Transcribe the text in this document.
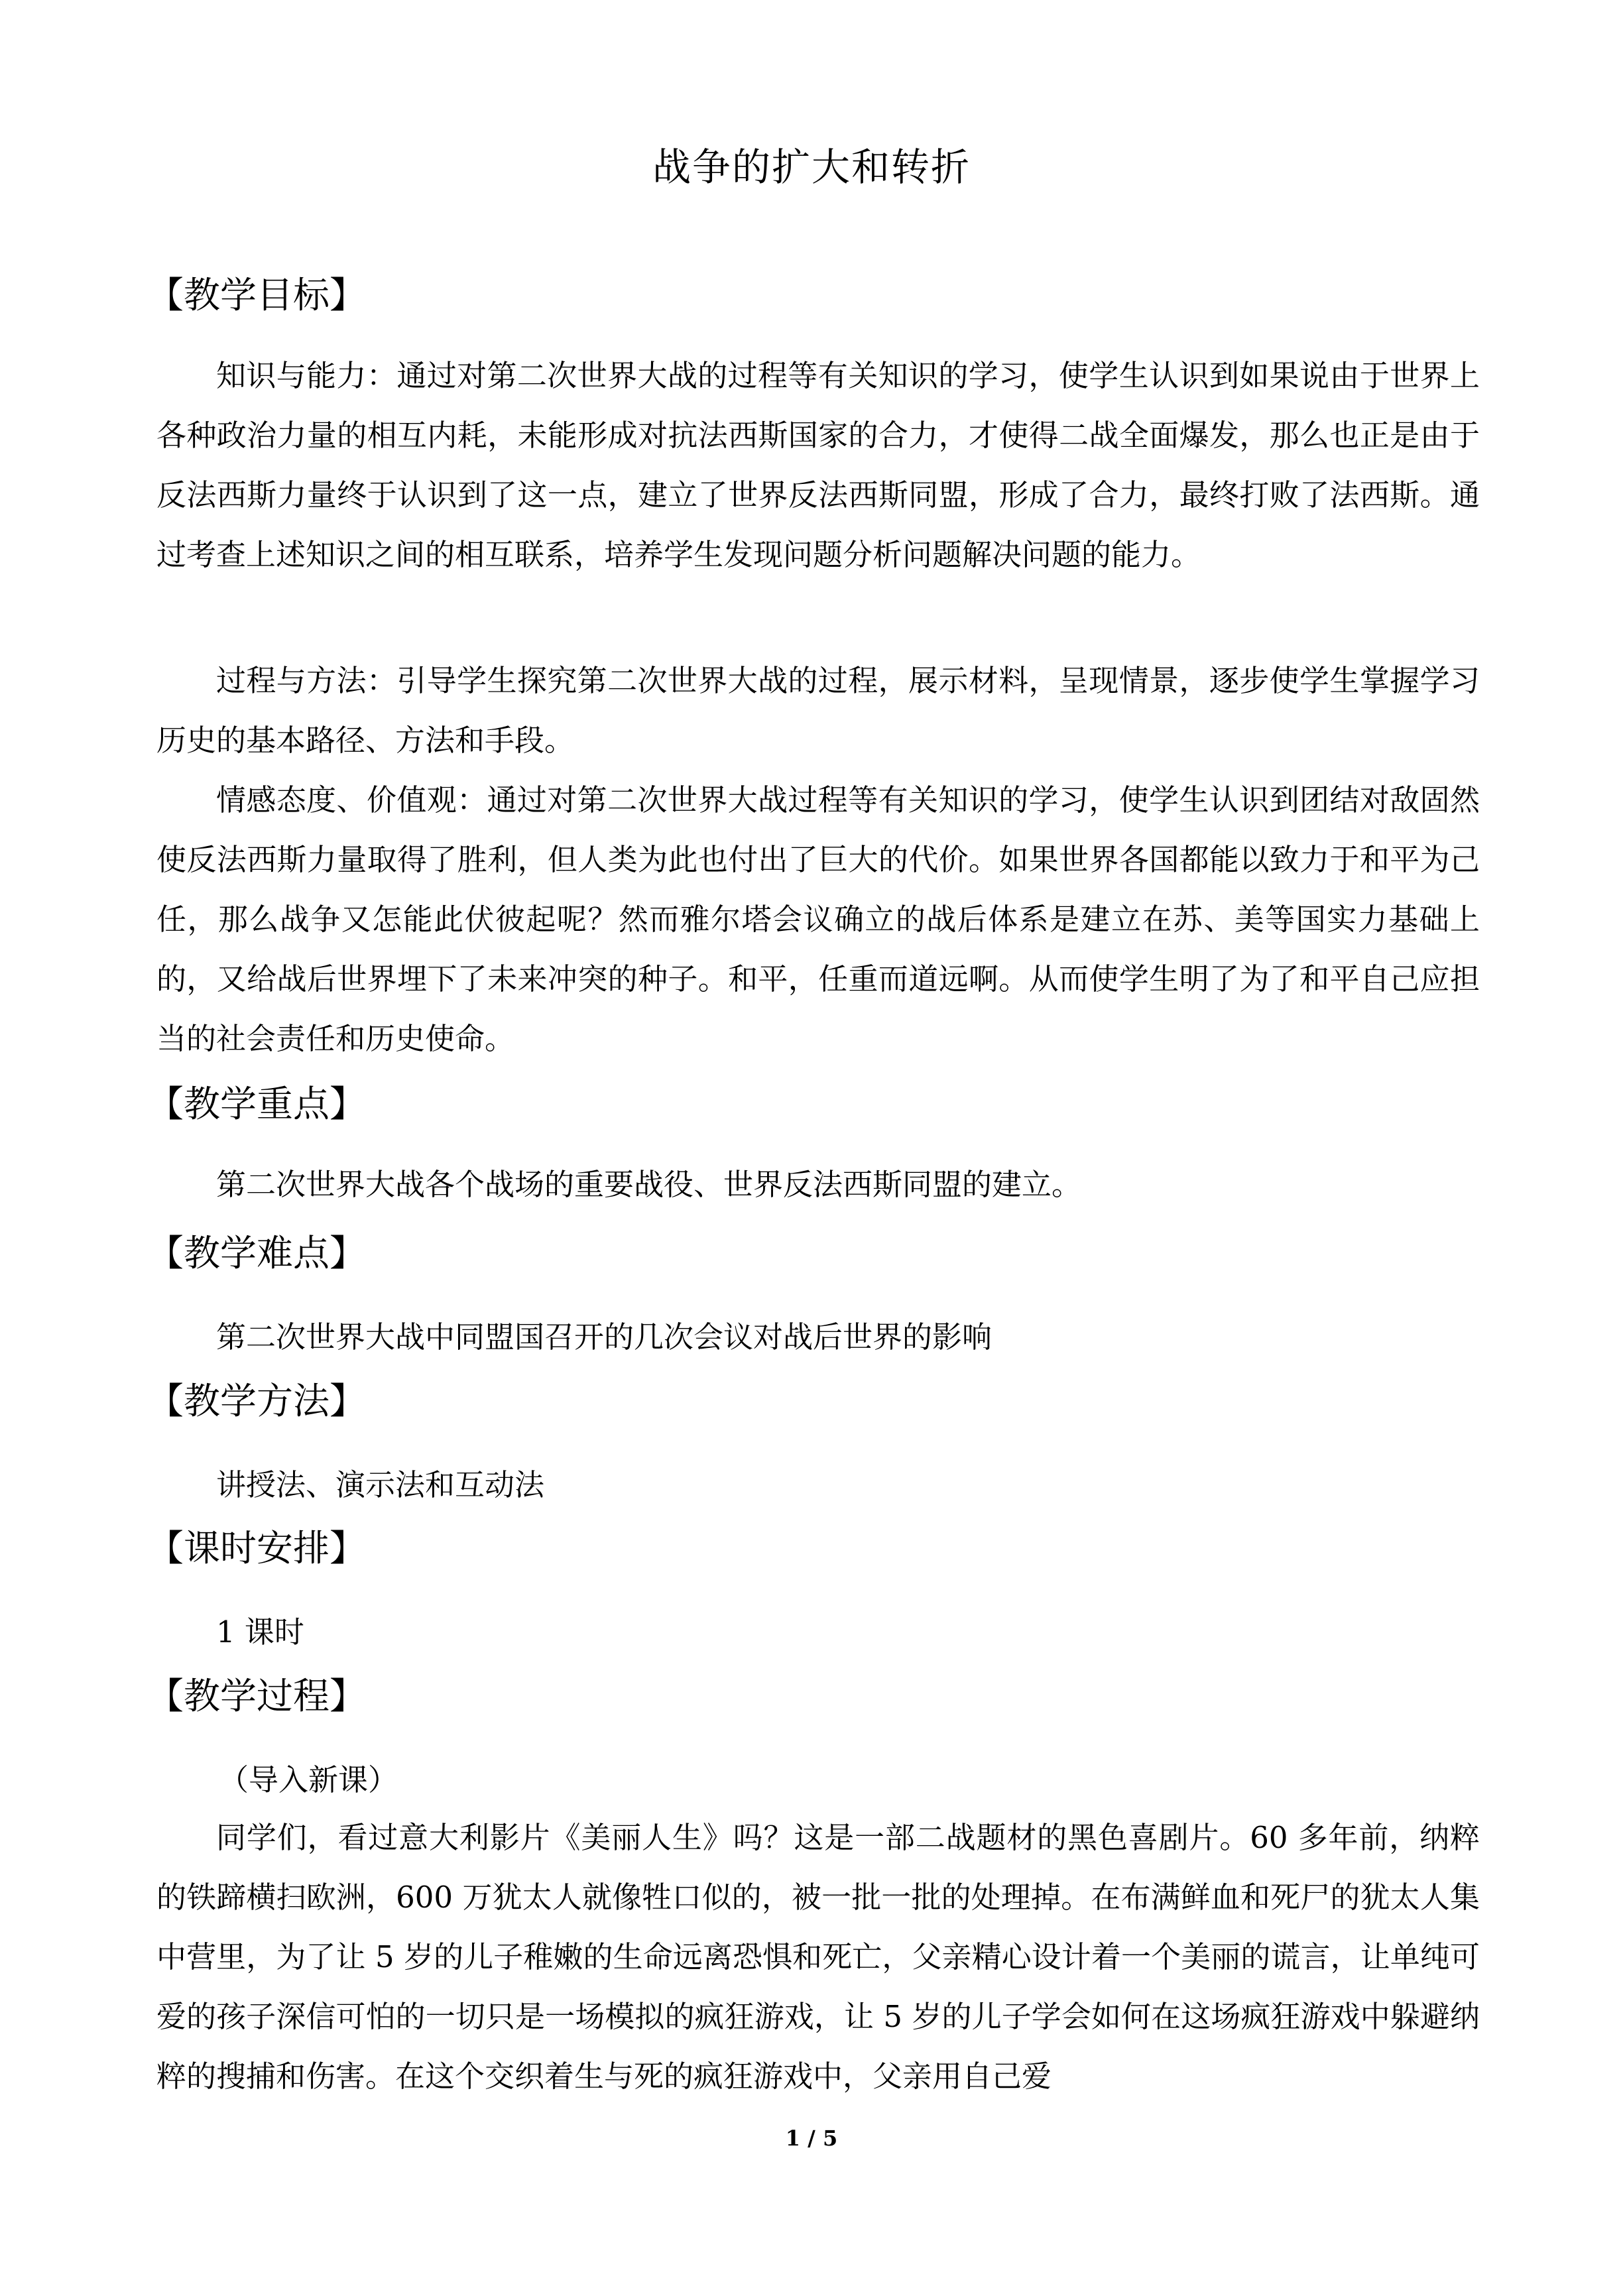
战争的扩大和转折
【教学目标】

知识与能力：通过对第二次世界大战的过程等有关知识的学习，使学生认识到如果说由于世界上各种政治力量的相互内耗，未能形成对抗法西斯国家的合力，才使得二战全面爆发，那么也正是由于反法西斯力量终于认识到了这一点，建立了世界反法西斯同盟，形成了合力，最终打败了法西斯。通过考查上述知识之间的相互联系，培养学生发现问题分析问题解决问题的能力。

过程与方法：引导学生探究第二次世界大战的过程，展示材料，呈现情景，逐步使学生掌握学习历史的基本路径、方法和手段。

情感态度、价值观：通过对第二次世界大战过程等有关知识的学习，使学生认识到团结对敌固然使反法西斯力量取得了胜利，但人类为此也付出了巨大的代价。如果世界各国都能以致力于和平为己任，那么战争又怎能此伏彼起呢？然而雅尔塔会议确立的战后体系是建立在苏、美等国实力基础上的，又给战后世界埋下了未来冲突的种子。和平，任重而道远啊。从而使学生明了为了和平自己应担当的社会责任和历史使命。

【教学重点】
第二次世界大战各个战场的重要战役、世界反法西斯同盟的建立。
【教学难点】
第二次世界大战中同盟国召开的几次会议对战后世界的影响
【教学方法】
讲授法、演示法和互动法
【课时安排】
1 课时
【教学过程】
（导入新课）

同学们，看过意大利影片《美丽人生》吗？这是一部二战题材的黑色喜剧片。60 多年前，纳粹的铁蹄横扫欧洲，600 万犹太人就像牲口似的，被一批一批的处理掉。在布满鲜血和死尸的犹太人集中营里，为了让 5 岁的儿子稚嫩的生命远离恐惧和死亡，父亲精心设计着一个美丽的谎言，让单纯可爱的孩子深信可怕的一切只是一场模拟的疯狂游戏，让 5 岁的儿子学会如何在这场疯狂游戏中躲避纳粹的搜捕和伤害。在这个交织着生与死的疯狂游戏中，父亲用自己爱

1 / 5
